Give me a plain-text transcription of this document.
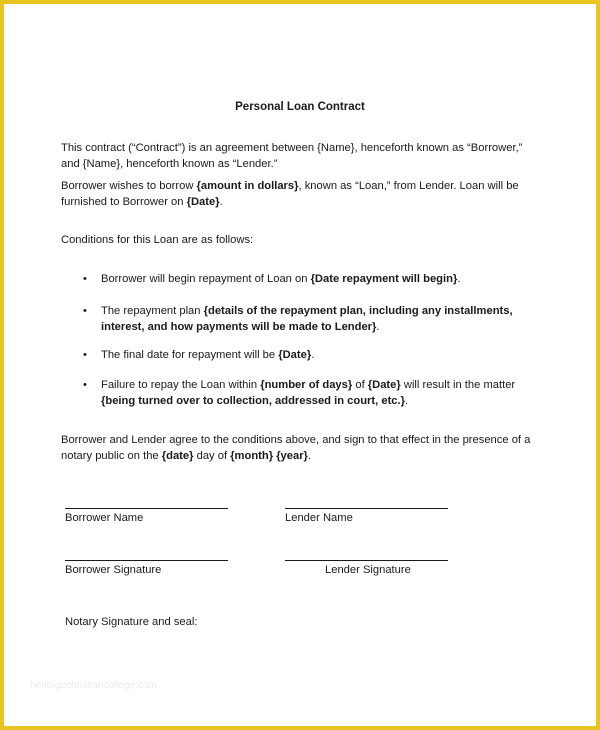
Personal Loan Contract

This contract (“Contract”) is an agreement between {Name}, henceforth known as “Borrower,” and {Name}, henceforth known as “Lender.”

Borrower wishes to borrow {amount in dollars}, known as “Loan,” from Lender. Loan will be furnished to Borrower on {Date}.

Conditions for this Loan are as follows:

• Borrower will begin repayment of Loan on {Date repayment will begin}.

• The repayment plan {details of the repayment plan, including any installments, interest, and how payments will be made to Lender}.

• The final date for repayment will be {Date}.

• Failure to repay the Loan within {number of days} of {Date} will result in the matter {being turned over to collection, addressed in court, etc.}.

Borrower and Lender agree to the conditions above, and sign to that effect in the presence of a notary public on the {date} day of {month} {year}.

Borrower Name	Lender Name
Borrower Signature	Lender Signature
Notary Signature and seal:
heritagechristiancollege.com
